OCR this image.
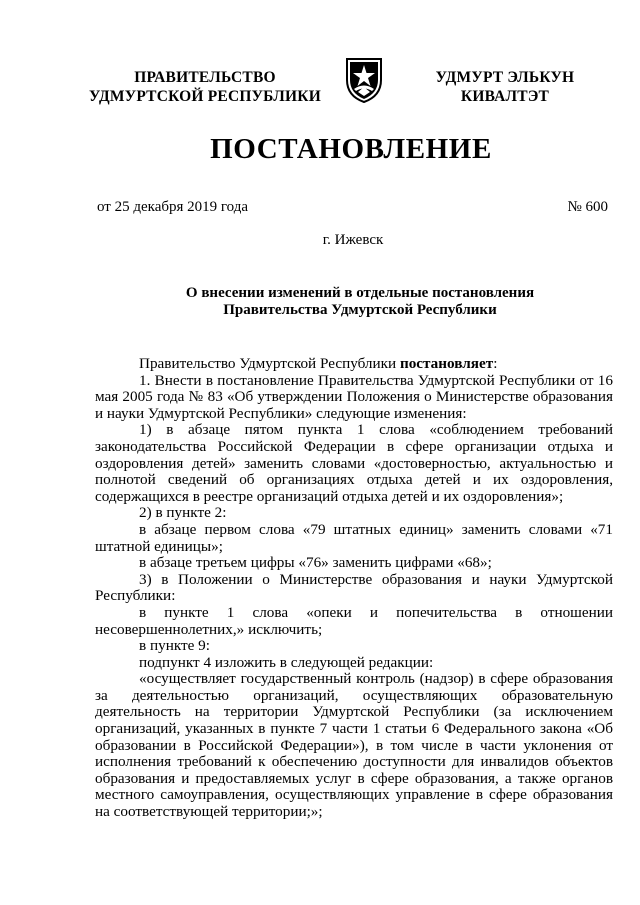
ПРАВИТЕЛЬСТВО
УДМУРТСКОЙ РЕСПУБЛИКИ
УДМУРТ ЭЛЬКУН
КИВАЛТЭТ
ПОСТАНОВЛЕНИЕ
от 25 декабря 2019 года	№ 600
г. Ижевск
О внесении изменений в отдельные постановления
Правительства Удмуртской Республики

Правительство Удмуртской Республики постановляет:

1. Внести в постановление Правительства Удмуртской Республики от 16 мая 2005 года № 83 «Об утверждении Положения о Министерстве образования и науки Удмуртской Республики» следующие изменения:

1) в абзаце пятом пункта 1 слова «соблюдением требований законодательства Российской Федерации в сфере организации отдыха и оздоровления детей» заменить словами «достоверностью, актуальностью и полнотой сведений об организациях отдыха детей и их оздоровления, содержащихся в реестре организаций отдыха детей и их оздоровления»;

2) в пункте 2:

в абзаце первом слова «79 штатных единиц» заменить словами «71 штатной единицы»;

в абзаце третьем цифры «76» заменить цифрами «68»;

3) в Положении о Министерстве образования и науки Удмуртской Республики:

в пункте 1 слова «опеки и попечительства в отношении несовершеннолетних,» исключить;

в пункте 9:

подпункт 4 изложить в следующей редакции:

«осуществляет государственный контроль (надзор) в сфере образования за деятельностью организаций, осуществляющих образовательную деятельность на территории Удмуртской Республики (за исключением организаций, указанных в пункте 7 части 1 статьи 6 Федерального закона «Об образовании в Российской Федерации»), в том числе в части уклонения от исполнения требований к обеспечению доступности для инвалидов объектов образования и предоставляемых услуг в сфере образования, а также органов местного самоуправления, осуществляющих управление в сфере образования на соответствующей территории;»;
